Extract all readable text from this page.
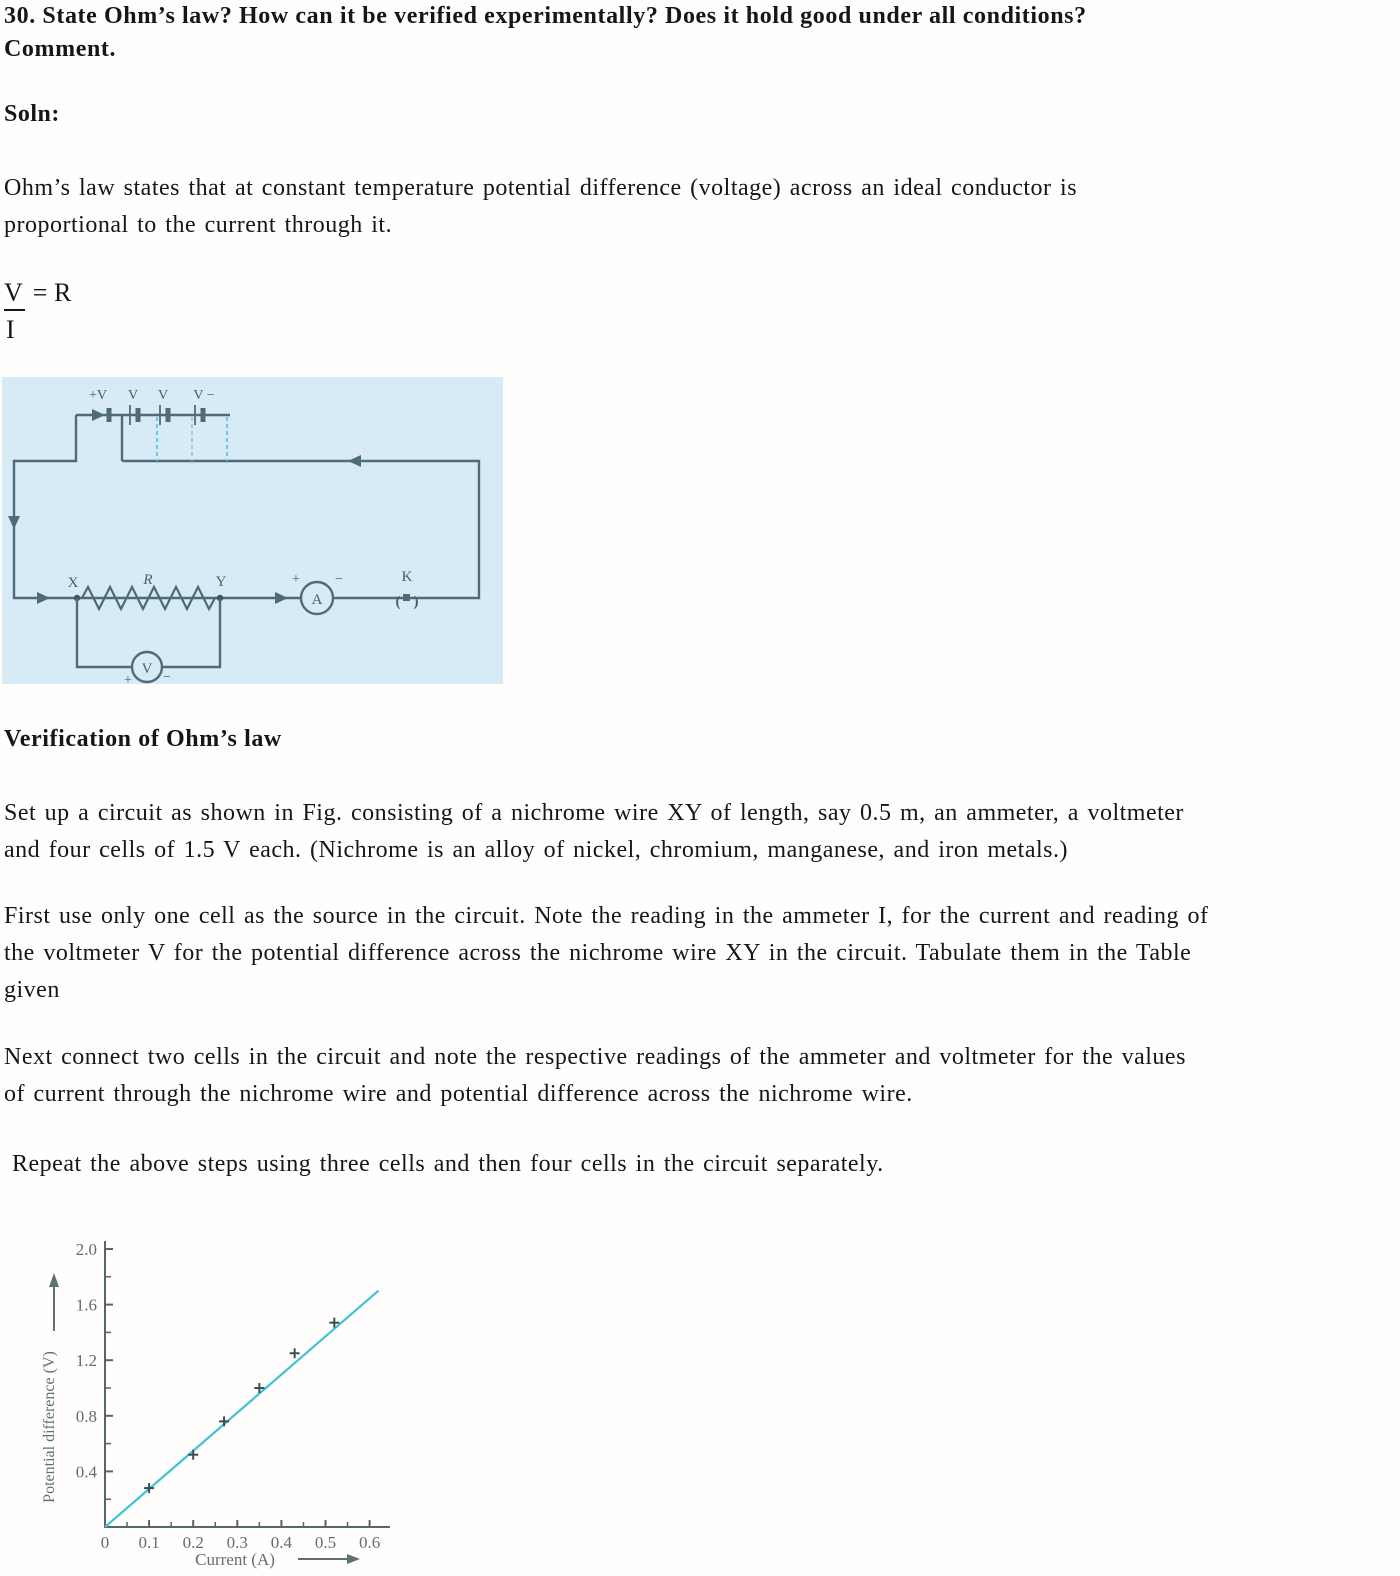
30. State Ohm’s law? How can it be verified experimentally? Does it hold good under all conditions?
Comment.
Soln:
Ohm’s law states that at constant temperature potential difference (voltage) across an ideal conductor is
proportional to the current through it.
V = R
I
+V V V V −
X	R	Y
A
+	−
( )
K
V
+ −
Verification of Ohm’s law
Set up a circuit as shown in Fig. consisting of a nichrome wire XY of length, say 0.5 m, an ammeter, a voltmeter
and four cells of 1.5 V each. (Nichrome is an alloy of nickel, chromium, manganese, and iron metals.)
First use only one cell as the source in the circuit. Note the reading in the ammeter I, for the current and reading of
the voltmeter V for the potential difference across the nichrome wire XY in the circuit. Tabulate them in the Table
given
Next connect two cells in the circuit and note the respective readings of the ammeter and voltmeter for the values
of current through the nichrome wire and potential difference across the nichrome wire.
Repeat the above steps using three cells and then four cells in the circuit separately.
0.4
0.8
1.2
1.6
2.0
0 0.1 0.2 0.3 0.4 0.5 0.6
Potential difference (V)
Current (A)
